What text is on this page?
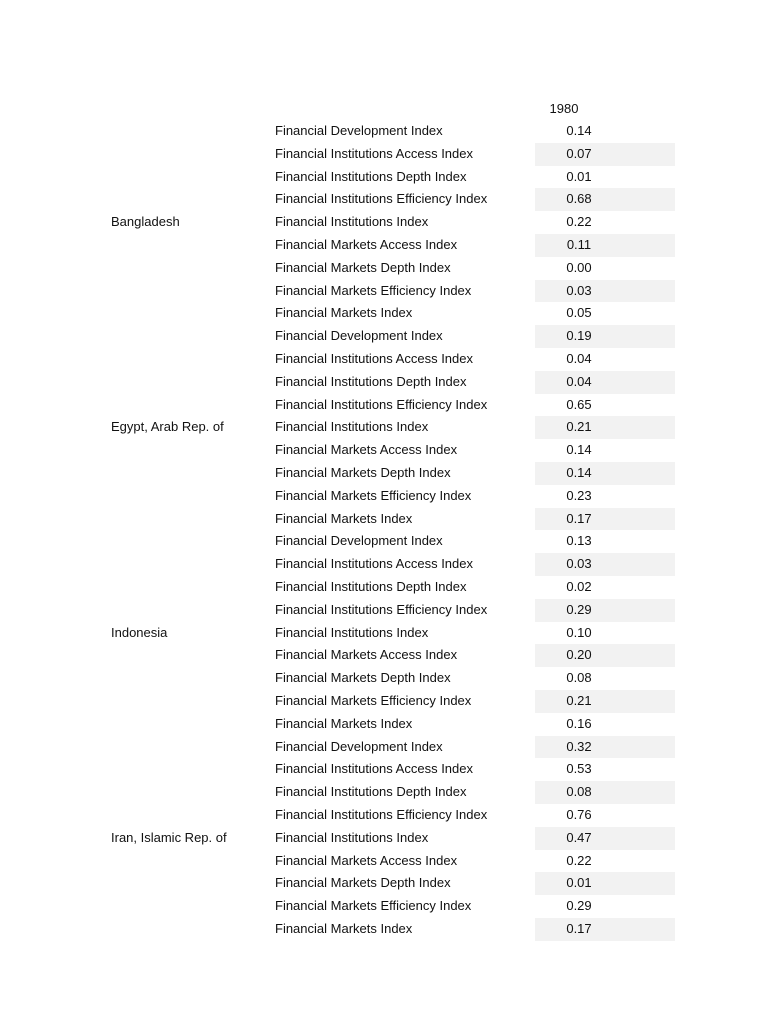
1980
Financial Development Index	0.14
Financial Institutions Access Index	0.07
Financial Institutions Depth Index	0.01
Financial Institutions Efficiency Index	0.68
Bangladesh	Financial Institutions Index	0.22
Financial Markets Access Index	0.11
Financial Markets Depth Index	0.00
Financial Markets Efficiency Index	0.03
Financial Markets Index	0.05
Financial Development Index	0.19
Financial Institutions Access Index	0.04
Financial Institutions Depth Index	0.04
Financial Institutions Efficiency Index	0.65
Egypt, Arab Rep. of	Financial Institutions Index	0.21
Financial Markets Access Index	0.14
Financial Markets Depth Index	0.14
Financial Markets Efficiency Index	0.23
Financial Markets Index	0.17
Financial Development Index	0.13
Financial Institutions Access Index	0.03
Financial Institutions Depth Index	0.02
Financial Institutions Efficiency Index	0.29
Indonesia	Financial Institutions Index	0.10
Financial Markets Access Index	0.20
Financial Markets Depth Index	0.08
Financial Markets Efficiency Index	0.21
Financial Markets Index	0.16
Financial Development Index	0.32
Financial Institutions Access Index	0.53
Financial Institutions Depth Index	0.08
Financial Institutions Efficiency Index	0.76
Iran, Islamic Rep. of	Financial Institutions Index	0.47
Financial Markets Access Index	0.22
Financial Markets Depth Index	0.01
Financial Markets Efficiency Index	0.29
Financial Markets Index	0.17
